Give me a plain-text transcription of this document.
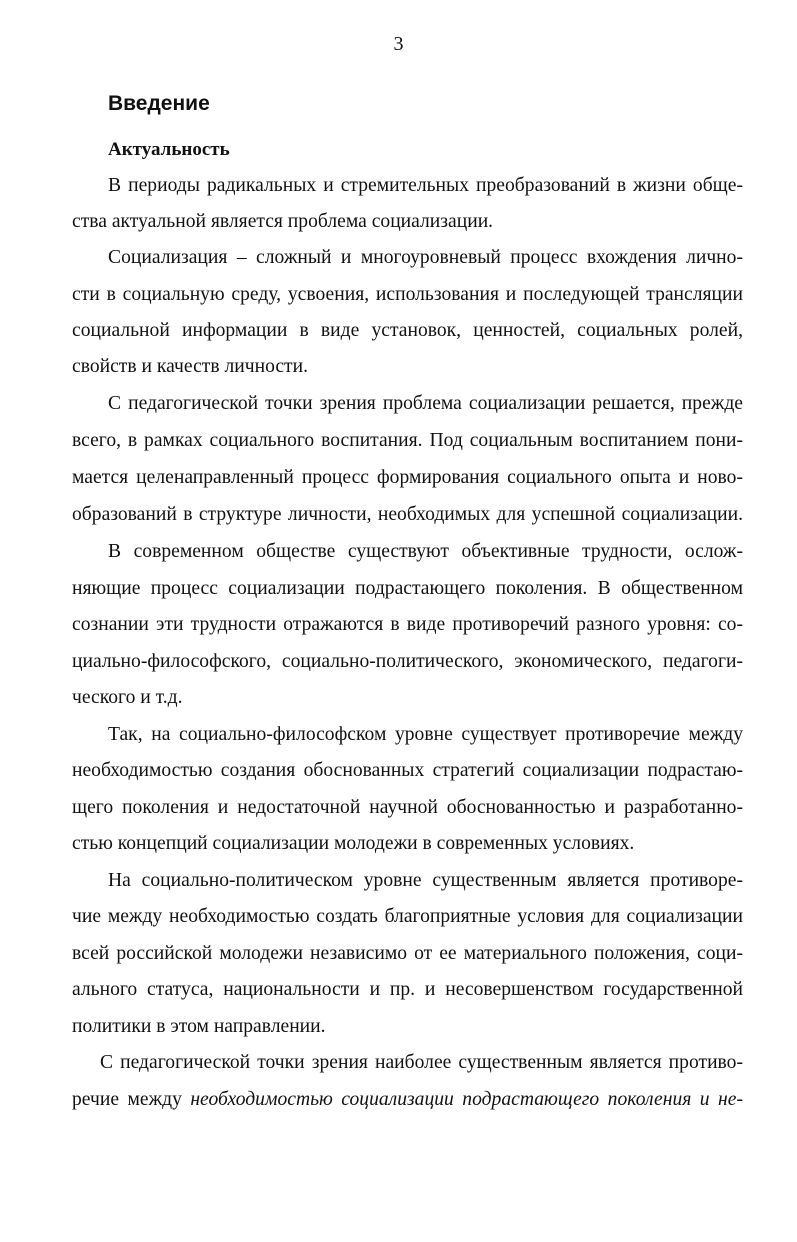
3
Введение
Актуальность
В периоды радикальных и стремительных преобразований в жизни обще-
ства актуальной является проблема социализации.
Социализация – сложный и многоуровневый процесс вхождения лично-
сти в социальную среду, усвоения, использования и последующей трансляции
социальной информации в виде установок, ценностей, социальных ролей,
свойств и качеств личности.
С педагогической точки зрения проблема социализации решается, прежде
всего, в рамках социального воспитания. Под социальным воспитанием пони-
мается целенаправленный процесс формирования социального опыта и ново-
образований в структуре личности, необходимых для успешной социализации.
В современном обществе существуют объективные трудности, ослож-
няющие процесс социализации подрастающего поколения. В общественном
сознании эти трудности отражаются в виде противоречий разного уровня: со-
циально-философского, социально-политического, экономического, педагоги-
ческого и т.д.
Так, на социально-философском уровне существует противоречие между
необходимостью создания обоснованных стратегий социализации подрастаю-
щего поколения и недостаточной научной обоснованностью и разработанно-
стью концепций социализации молодежи в современных условиях.
На социально-политическом уровне существенным является противоре-
чие между необходимостью создать благоприятные условия для социализации
всей российской молодежи независимо от ее материального положения, соци-
ального статуса, национальности и пр. и несовершенством государственной
политики в этом направлении.
С педагогической точки зрения наиболее существенным является противо-
речие между необходимостью социализации подрастающего поколения и не-
